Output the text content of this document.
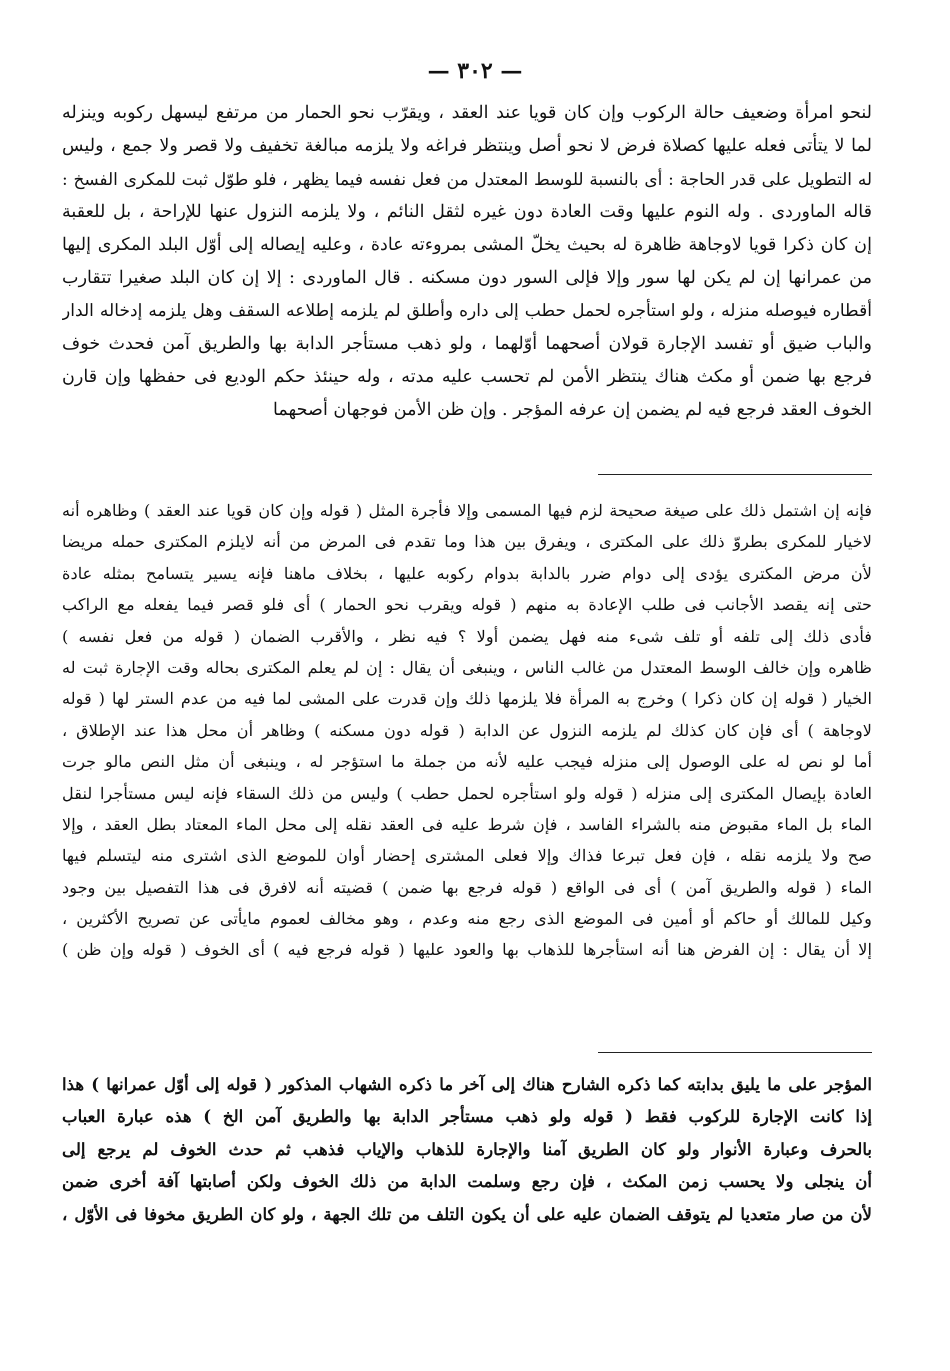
— ٣٠٢ —
لنحو امرأة وضعيف حالة الركوب وإن كان قويا عند العقد ، ويقرّب نحو الحمار من مرتفع ليسهل ركوبه وينزله
لما لا يتأتى فعله عليها كصلاة فرض لا نحو أصل وينتظر فراغه ولا يلزمه مبالغة تخفيف ولا قصر ولا جمع ، وليس
له التطويل على قدر الحاجة : أى بالنسبة للوسط المعتدل من فعل نفسه فيما يظهر ، فلو طوّل ثبت للمكرى الفسخ :
قاله الماوردى . وله النوم عليها وقت العادة دون غيره لثقل النائم ، ولا يلزمه النزول عنها للإراحة ، بل للعقبة
إن كان ذكرا قويا لاوجاهة ظاهرة له بحيث يخلّ المشى بمروءته عادة ، وعليه إيصاله إلى أوّل البلد المكرى إليها
من عمرانها إن لم يكن لها سور وإلا فإلى السور دون مسكنه . قال الماوردى : إلا إن كان البلد صغيرا تتقارب
أقطاره فيوصله منزله ، ولو استأجره لحمل حطب إلى داره وأطلق لم يلزمه إطلاعه السقف وهل يلزمه إدخاله الدار
والباب ضيق أو تفسد الإجارة قولان أصحهما أوّلهما ، ولو ذهب مستأجر الدابة بها والطريق آمن فحدث خوف
فرجع بها ضمن أو مكث هناك ينتظر الأمن لم تحسب عليه مدته ، وله حينئذ حكم الوديع فى حفظها وإن قارن
الخوف العقد فرجع فيه لم يضمن إن عرفه المؤجر . وإن ظن الأمن فوجهان أصحهما
فإنه إن اشتمل ذلك على صيغة صحيحة لزم فيها المسمى وإلا فأجرة المثل ( قوله وإن كان قويا عند العقد ) وظاهره أنه
لاخيار للمكرى بطروّ ذلك على المكترى ، ويفرق بين هذا وما تقدم فى المرض من أنه لايلزم المكترى حمله مريضا
لأن مرض المكترى يؤدى إلى دوام ضرر بالدابة بدوام ركوبه عليها ، بخلاف ماهنا فإنه يسير يتسامح بمثله عادة
حتى إنه يقصد الأجانب فى طلب الإعادة به منهم ( قوله ويقرب نحو الحمار ) أى فلو قصر فيما يفعله مع الراكب
فأدى ذلك إلى تلفه أو تلف شىء منه فهل يضمن أولا ؟ فيه نظر ، والأقرب الضمان ( قوله من فعل نفسه )
ظاهره وإن خالف الوسط المعتدل من غالب الناس ، وينبغى أن يقال : إن لم يعلم المكترى بحاله وقت الإجارة ثبت له
الخيار ( قوله إن كان ذكرا ) وخرج به المرأة فلا يلزمها ذلك وإن قدرت على المشى لما فيه من عدم الستر لها ( قوله
لاوجاهة ) أى فإن كان كذلك لم يلزمه النزول عن الدابة ( قوله دون مسكنه ) وظاهر أن محل هذا عند الإطلاق ،
أما لو نص له على الوصول إلى منزله فيجب عليه لأنه من جملة ما استؤجر له ، وينبغى أن مثل النص مالو جرت
العادة بإيصال المكترى إلى منزله ( قوله ولو استأجره لحمل حطب ) وليس من ذلك السقاء فإنه ليس مستأجرا لنقل
الماء بل الماء مقبوض منه بالشراء الفاسد ، فإن شرط عليه فى العقد نقله إلى محل الماء المعتاد بطل العقد ، وإلا
صح ولا يلزمه نقله ، فإن فعل تبرعا فذاك وإلا فعلى المشترى إحضار أوان للموضع الذى اشترى منه ليتسلم فيها
الماء ( قوله والطريق آمن ) أى فى الواقع ( قوله فرجع بها ضمن ) قضيته أنه لافرق فى هذا التفصيل بين وجود
وكيل للمالك أو حاكم أو أمين فى الموضع الذى رجع منه وعدم ، وهو مخالف لعموم مايأتى عن تصريح الأكثرين ،
إلا أن يقال : إن الفرض هنا أنه استأجرها للذهاب بها والعود عليها ( قوله فرجع فيه ) أى الخوف ( قوله وإن ظن )
المؤجر على ما يليق بدابته كما ذكره الشارح هناك إلى آخر ما ذكره الشهاب المذكور ( قوله إلى أوّل عمرانها ) هذا
إذا كانت الإجارة للركوب فقط ( قوله ولو ذهب مستأجر الدابة بها والطريق آمن الخ ) هذه عبارة العباب
بالحرف وعبارة الأنوار ولو كان الطريق آمنا والإجارة للذهاب والإياب فذهب ثم حدث الخوف لم يرجع إلى
أن ينجلى ولا يحسب زمن المكث ، فإن رجع وسلمت الدابة من ذلك الخوف ولكن أصابتها آفة أخرى ضمن
لأن من صار متعديا لم يتوقف الضمان عليه على أن يكون التلف من تلك الجهة ، ولو كان الطريق مخوفا فى الأوّل ،
